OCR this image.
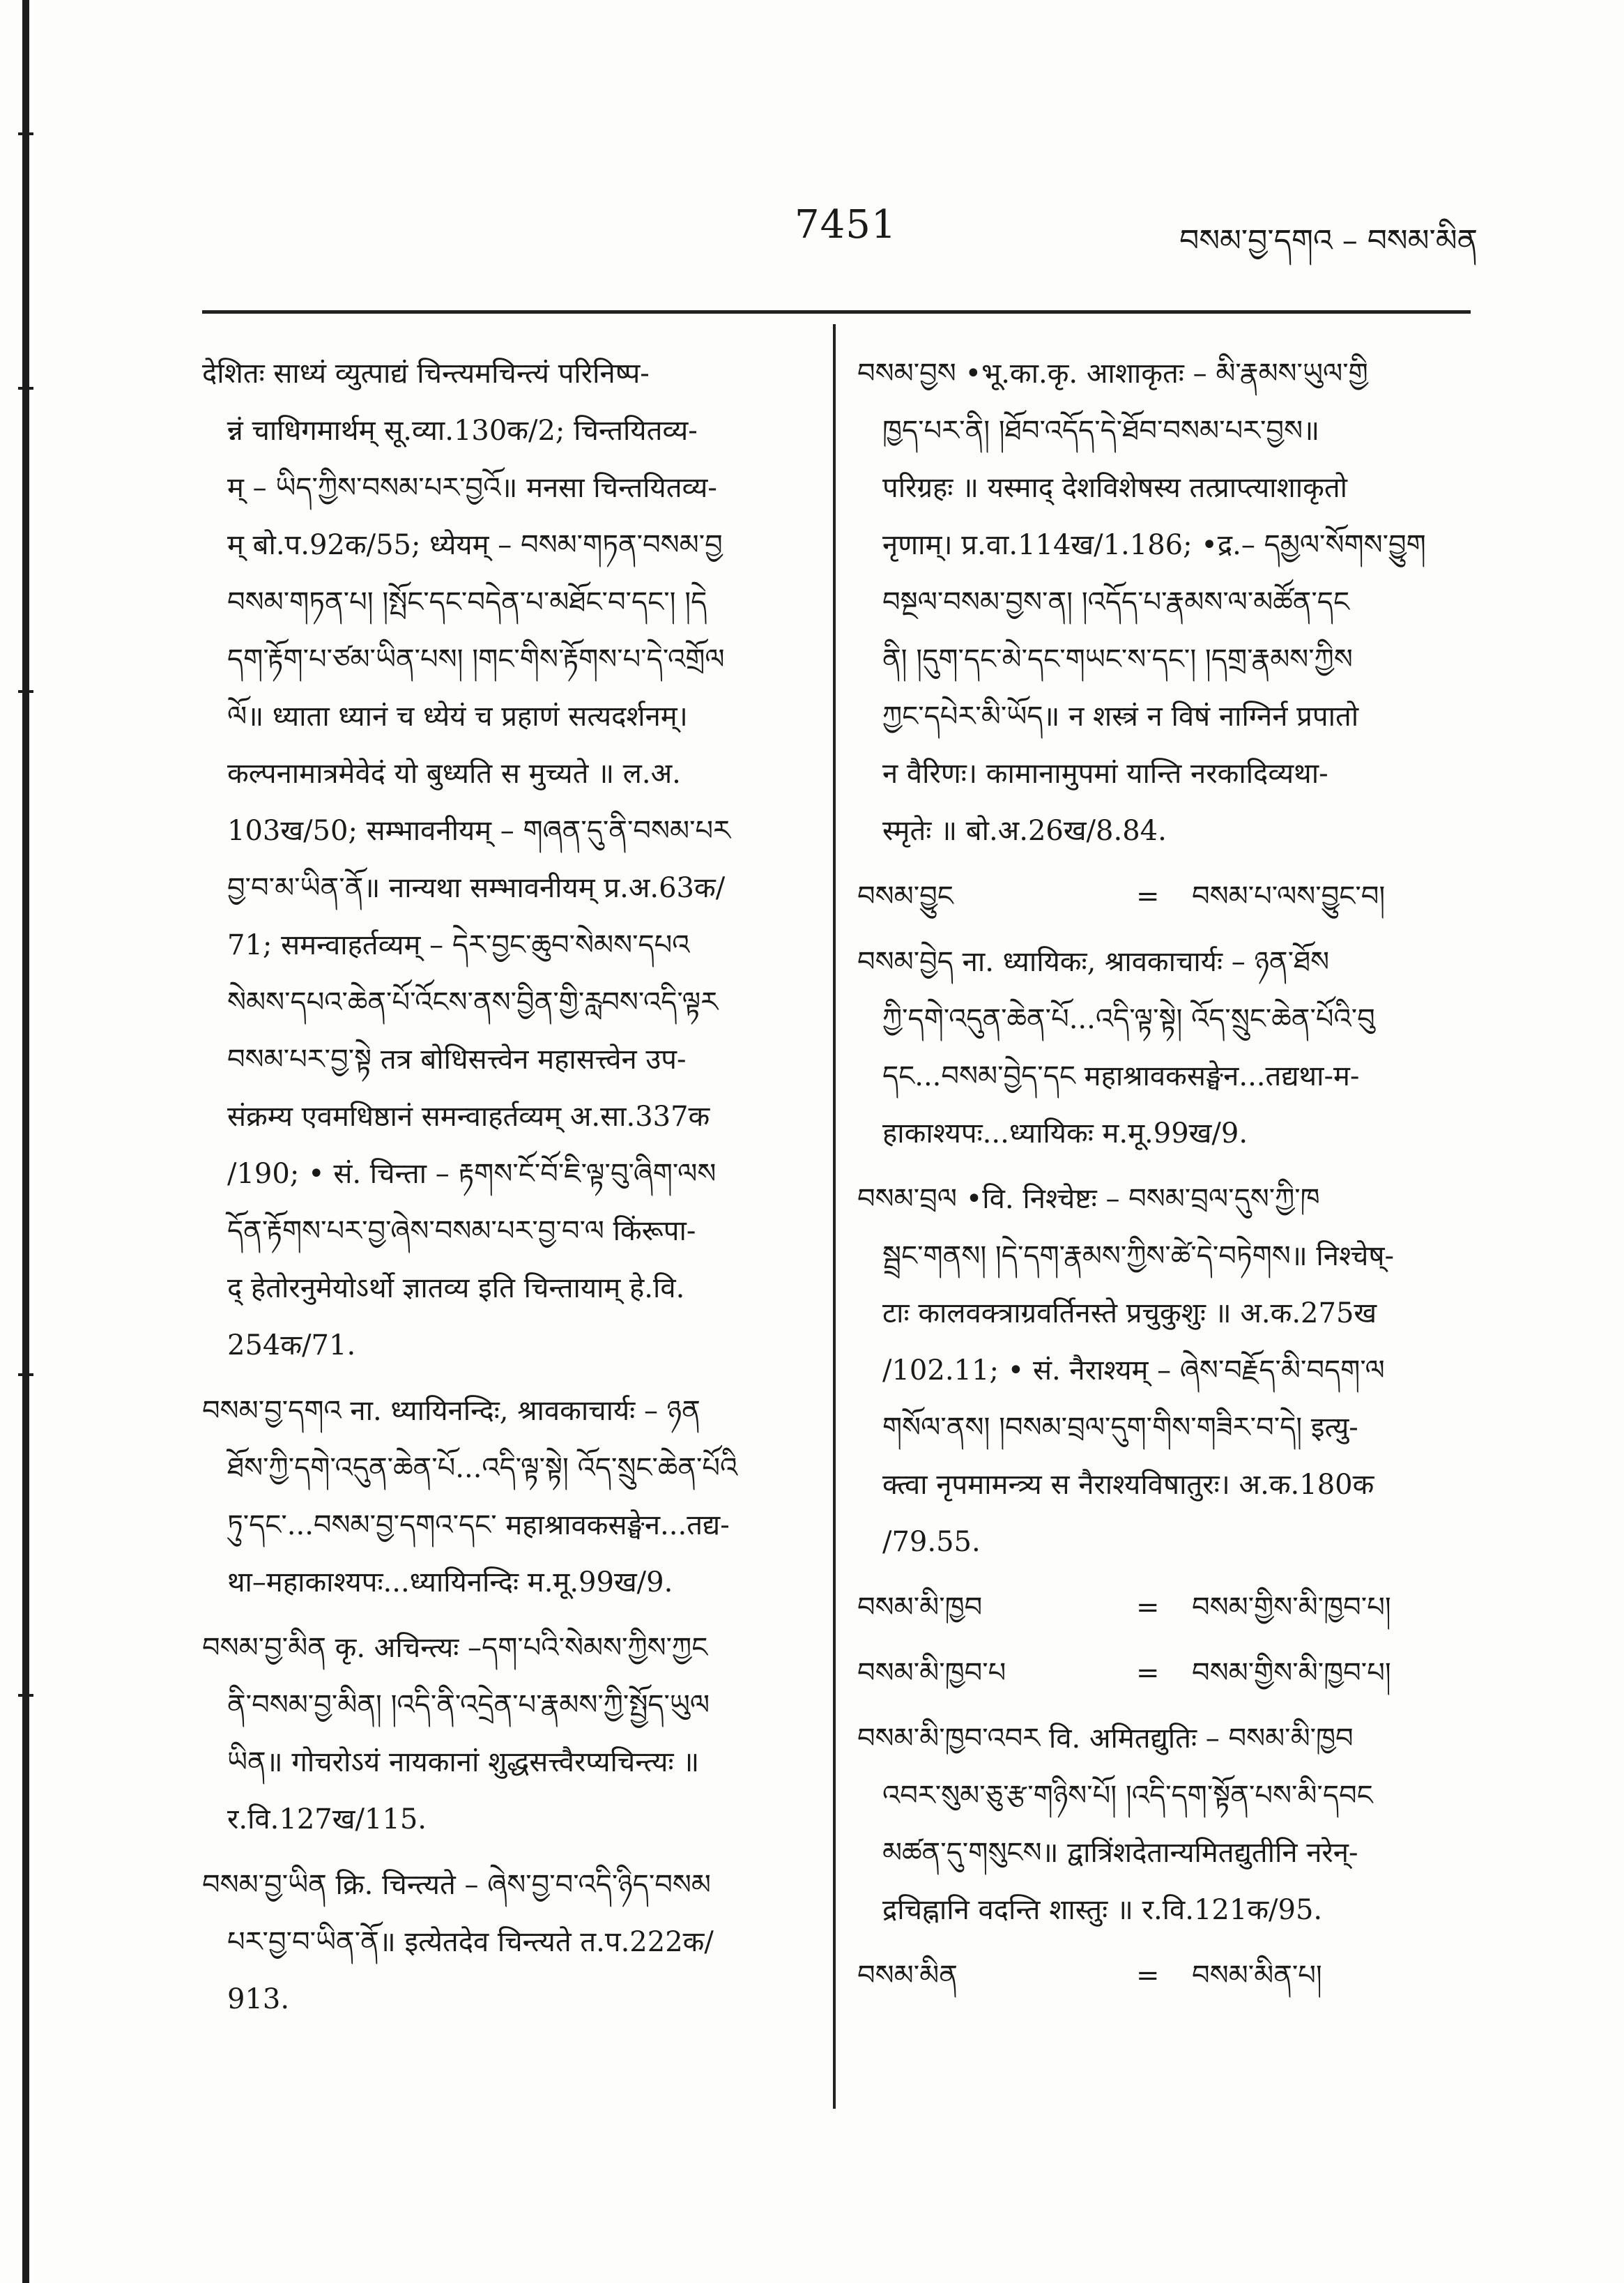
7451	བསམ་བྱ་དགའ – བསམ་མིན
देशितः साध्यं व्युत्पाद्यं चिन्त्यमचिन्त्यं परिनिष्प-
न्नं चाधिगमार्थम् सू.व्या.130क/2; चिन्तयितव्य-
म् – ཡིད་ཀྱིས་བསམ་པར་བྱའོ॥ मनसा चिन्तयितव्य-
म् बो.प.92क/55; ध्येयम् – བསམ་གཏན་བསམ་བྱ
བསམ་གཏན་པ། །སྤོང་དང་བདེན་པ་མཐོང་བ་དང་། །དེ
དག་རྟོག་པ་ཙམ་ཡིན་པས། །གང་གིས་རྟོགས་པ་དེ་འགྲོལ
ལོ॥ ध्याता ध्यानं च ध्येयं च प्रहाणं सत्यदर्शनम्।
कल्पनामात्रमेवेदं यो बुध्यति स मुच्यते ॥ ल.अ.
103ख/50; सम्भावनीयम् – གཞན་དུ་ནི་བསམ་པར
བྱ་བ་མ་ཡིན་ནོ॥ नान्यथा सम्भावनीयम् प्र.अ.63क/
71; समन्वाहर्तव्यम् – དེར་བྱང་ཆུབ་སེམས་དཔའ
སེམས་དཔའ་ཆེན་པོ་འོངས་ནས་བྱིན་གྱི་རླབས་འདི་ལྟར
བསམ་པར་བྱ་སྟེ तत्र बोधिसत्त्वेन महासत्त्वेन उप-
संक्रम्य एवमधिष्ठानं समन्वाहर्तव्यम् अ.सा.337क
/190; • सं. चिन्ता – རྟགས་ངོ་བོ་ཇི་ལྟ་བུ་ཞིག་ལས
དོན་རྟོགས་པར་བྱ་ཞེས་བསམ་པར་བྱ་བ་ལ किंरूपा-
द् हेतोरनुमेयोऽर्थो ज्ञातव्य इति चिन्तायाम् हे.वि.
254क/71.
བསམ་བྱ་དགའ ना. ध्यायिनन्दिः, श्रावकाचार्यः – ཉན
ཐོས་ཀྱི་དགེ་འདུན་ཆེན་པོ...འདི་ལྟ་སྟེ། འོད་སྲུང་ཆེན་པོའི
ཏུ་དང་...བསམ་བྱ་དགའ་དང་ महाश्रावकसङ्घेन...तद्य-
था–महाकाश्यपः...ध्यायिनन्दिः म.मू.99ख/9.
བསམ་བྱ་མིན कृ. अचिन्त्यः –དག་པའི་སེམས་ཀྱིས་ཀྱང
ནི་བསམ་བྱ་མིན། །འདི་ནི་འདྲེན་པ་རྣམས་ཀྱི་སྤྱོད་ཡུལ
ཡིན॥ गोचरोऽयं नायकानां शुद्धसत्त्वैरप्यचिन्त्यः ॥
र.वि.127ख/115.
བསམ་བྱ་ཡིན क्रि. चिन्त्यते – ཞེས་བྱ་བ་འདི་ཉིད་བསམ
པར་བྱ་བ་ཡིན་ནོ॥ इत्येतदेव चिन्त्यते त.प.222क/
913.
བསམ་བྱས •भू.का.कृ. आशाकृतः – མི་རྣམས་ཡུལ་གྱི
ཁྱད་པར་ནི། །ཐོབ་འདོད་དེ་ཐོབ་བསམ་པར་བྱས॥
परिग्रहः ॥ यस्माद् देशविशेषस्य तत्प्राप्त्याशाकृतो
नृणाम्। प्र.वा.114ख/1.186; •द्र.– དམྱལ་སོགས་བྱུག
བསྔལ་བསམ་བྱས་ན། །འདོད་པ་རྣམས་ལ་མཚོན་དང
ནི། །དུག་དང་མེ་དང་གཡང་ས་དང་། །དགྲ་རྣམས་ཀྱིས
ཀྱང་དཔེར་མི་ཡོད॥ न शस्त्रं न विषं नाग्निर्न प्रपातो
न वैरिणः। कामानामुपमां यान्ति नरकादिव्यथा-
स्मृतेः ॥ बो.अ.26ख/8.84.
བསམ་བྱུང	=	བསམ་པ་ལས་བྱུང་བ།
བསམ་བྱེད ना. ध्यायिकः, श्रावकाचार्यः – ཉན་ཐོས
ཀྱི་དགེ་འདུན་ཆེན་པོ...འདི་ལྟ་སྟེ། འོད་སྲུང་ཆེན་པོའི་བུ
དང...བསམ་བྱེད་དང महाश्रावकसङ्घेन...तद्यथा-म-
हाकाश्यपः...ध्यायिकः म.मू.99ख/9.
བསམ་བྲལ •वि. निश्चेष्टः – བསམ་བྲལ་དུས་ཀྱི་ཁ
སྦྲང་གནས། །དེ་དག་རྣམས་ཀྱིས་ཚེ་དེ་བཏེགས॥ निश्चेष्-
टाः कालवक्त्राग्रवर्तिनस्ते प्रचुकुशुः ॥ अ.क.275ख
/102.11; • सं. नैराश्यम् – ཞེས་བརྗོད་མི་བདག་ལ
གསོལ་ནས། །བསམ་བྲལ་དུག་གིས་གཟིར་བ་དེ། इत्यु-
क्त्वा नृपमामन्त्र्य स नैराश्यविषातुरः। अ.क.180क
/79.55.
བསམ་མི་ཁྱབ	=	བསམ་གྱིས་མི་ཁྱབ་པ།
བསམ་མི་ཁྱབ་པ	=	བསམ་གྱིས་མི་ཁྱབ་པ།
བསམ་མི་ཁྱབ་འབར वि. अमितद्युतिः – བསམ་མི་ཁྱབ
འབར་སུམ་ཅུ་རྩ་གཉིས་པོ། །འདི་དག་སྟོན་པས་མི་དབང
མཚན་དུ་གསུངས॥ द्वात्रिंशदेतान्यमितद्युतीनि नरेन्-
द्रचिह्नानि वदन्ति शास्तुः ॥ र.वि.121क/95.
བསམ་མིན	=	བསམ་མིན་པ།
